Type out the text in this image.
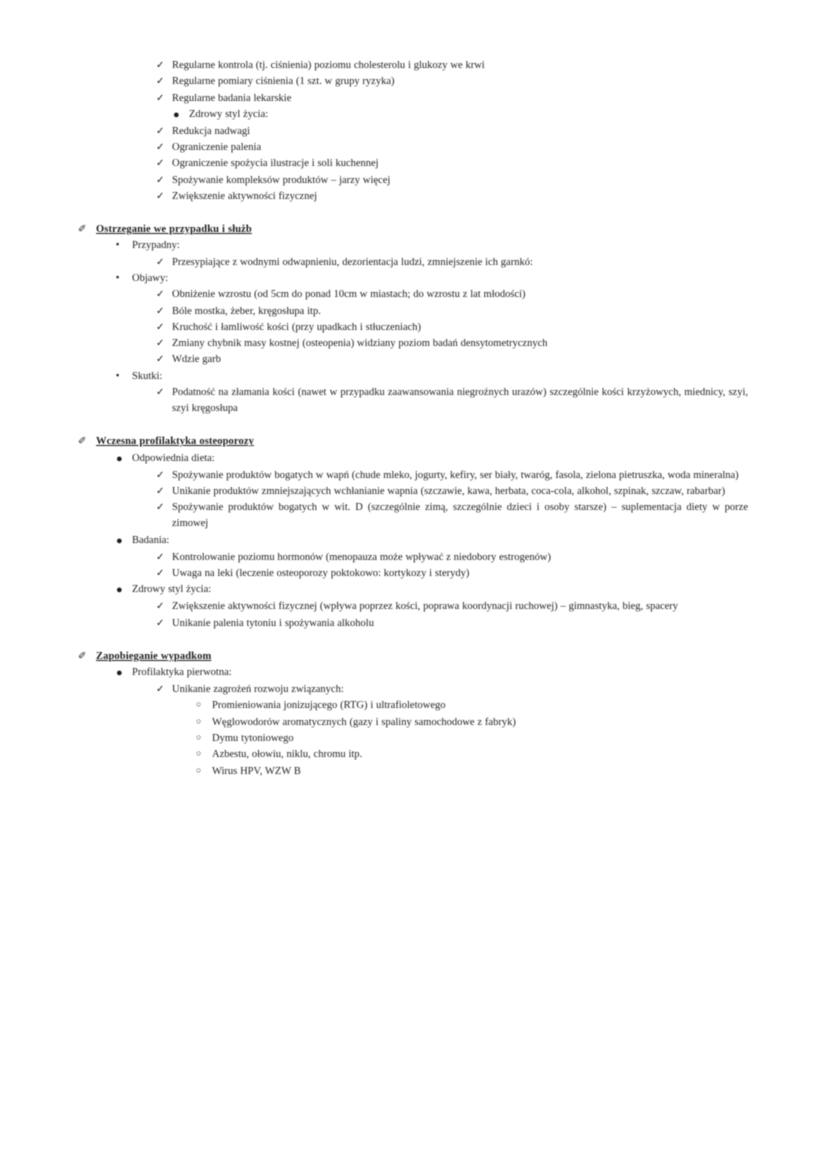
✓ Regularne kontrola (tj. ciśnienia) poziomu cholesterolu i glukozy we krwi
✓ Regularne pomiary ciśnienia (1 szt. w grupy ryzyka)
✓ Regularne badania lekarskie
● Zdrowy styl życia:
✓ Redukcja nadwagi
✓ Ograniczenie palenia
✓ Ograniczenie spożycia ilustracje i soli kuchennej
✓ Spożywanie kompleksów produktów – jarzy więcej
✓ Zwiększenie aktywności fizycznej
✐ Ostrzeganie we przypadku i służb
▪	Przypadny:
✓ Przesypiające z wodnymi odwapnieniu, dezorientacja ludzi, zmniejszenie ich garnkó:
▪	Objawy:
✓ Obniżenie wzrostu (od 5cm do ponad 10cm w miastach; do wzrostu z lat młodości)
✓ Bóle mostka, żeber, kręgosłupa itp.
✓ Kruchość i łamliwość kości (przy upadkach i stłuczeniach)
✓ Zmiany chybnik masy kostnej (osteopenia) widziany poziom badań densytometrycznych
✓ Wdzie garb
▪	Skutki:
✓ Podatność na złamania kości (nawet w przypadku zaawansowania niegroźnych urazów) szczególnie kości krzyżowych, miednicy, szyi, szyi kręgosłupa
✐ Wczesna profilaktyka osteoporozy
● Odpowiednia dieta:
✓ Spożywanie produktów bogatych w wapń (chude mleko, jogurty, kefiry, ser biały, twaróg, fasola, zielona pietruszka, woda mineralna)
✓ Unikanie produktów zmniejszających wchłanianie wapnia (szczawie, kawa, herbata, coca-cola, alkohol, szpinak, szczaw, rabarbar)
✓ Spożywanie produktów bogatych w wit. D (szczególnie zimą, szczególnie dzieci i osoby starsze) – suplementacja diety w porze zimowej
● Badania:
✓ Kontrolowanie poziomu hormonów (menopauza może wpływać z niedobory estrogenów)
✓ Uwaga na leki (leczenie osteoporozy poktokowo: kortykozy i sterydy)
● Zdrowy styl życia:
✓ Zwiększenie aktywności fizycznej (wpływa poprzez kości, poprawa koordynacji ruchowej) – gimnastyka, bieg, spacery
✓ Unikanie palenia tytoniu i spożywania alkoholu
✐ Zapobieganie wypadkom
● Profilaktyka pierwotna:
✓ Unikanie zagrożeń rozwoju związanych:
○	Promieniowania jonizującego (RTG) i ultrafioletowego
○	Węglowodorów aromatycznych (gazy i spaliny samochodowe z fabryk)
○	Dymu tytoniowego
○	Azbestu, ołowiu, niklu, chromu itp.
○	Wirus HPV, WZW B
